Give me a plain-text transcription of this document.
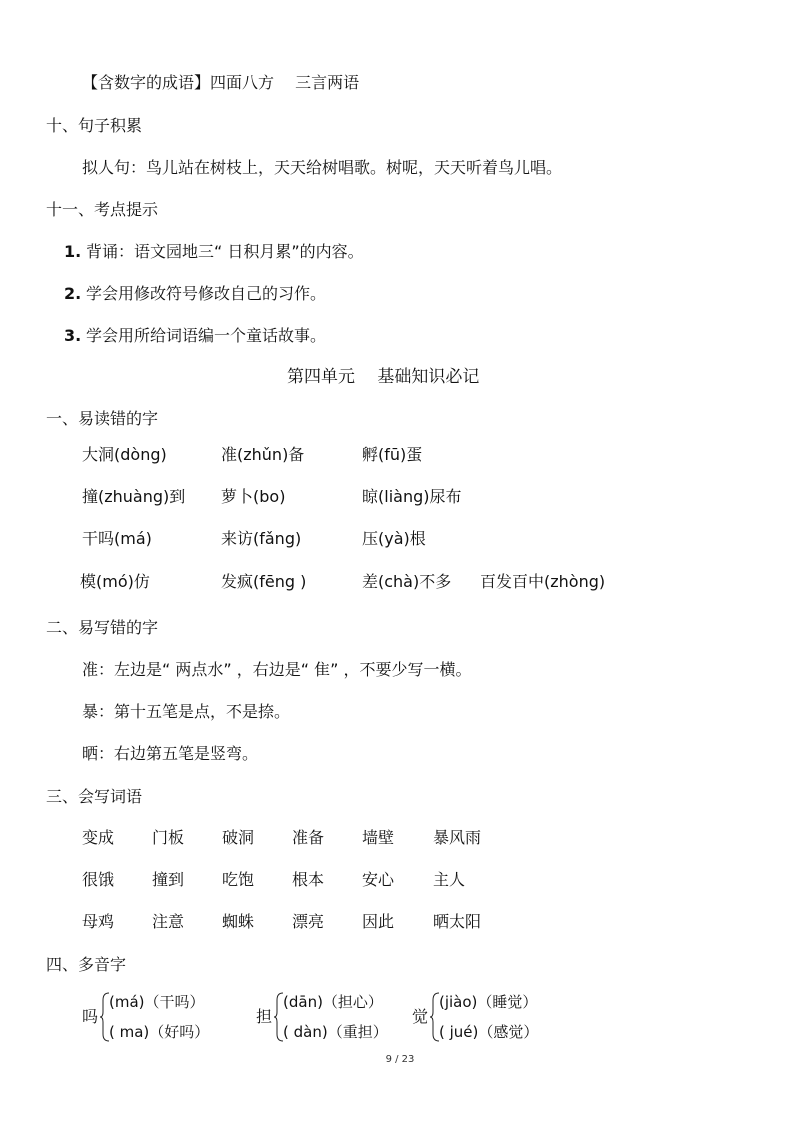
【含数字的成语】四面八方　 三言两语
十、句子积累
拟人句：鸟儿站在树枝上，天天给树唱歌。树呢，天天听着鸟儿唱。
十一、考点提示
1. 背诵：语文园地三“ 日积月累”的内容。
2. 学会用修改符号修改自己的习作。
3. 学会用所给词语编一个童话故事。
第四单元　 基础知识必记
一、易读错的字
大洞(dòng)	准(zhǔn)备	孵(fū)蛋
撞(zhuàng)到 萝卜(bo)	晾(liàng)尿布
干吗(má)	来访(fǎng)	压(yà)根
模(mó)仿	发疯(fēng )	差(chà)不多 百发百中(zhòng)
二、易写错的字
准：左边是“ 两点水” ，右边是“ 隹” ，不要少写一横。
暴：第十五笔是点，不是捺。
晒：右边第五笔是竖弯。
三、会写词语
变成 门板 破洞 准备 墙壁 暴风雨
很饿 撞到 吃饱 根本 安心 主人
母鸡 注意 蜘蛛 漂亮 因此 晒太阳
四、多音字
吗
(má)（干吗）
( ma)（好吗）
担
(dān)（担心）
( dàn)（重担）
觉
(jiào)（睡觉）
( jué)（感觉）
9 / 23
